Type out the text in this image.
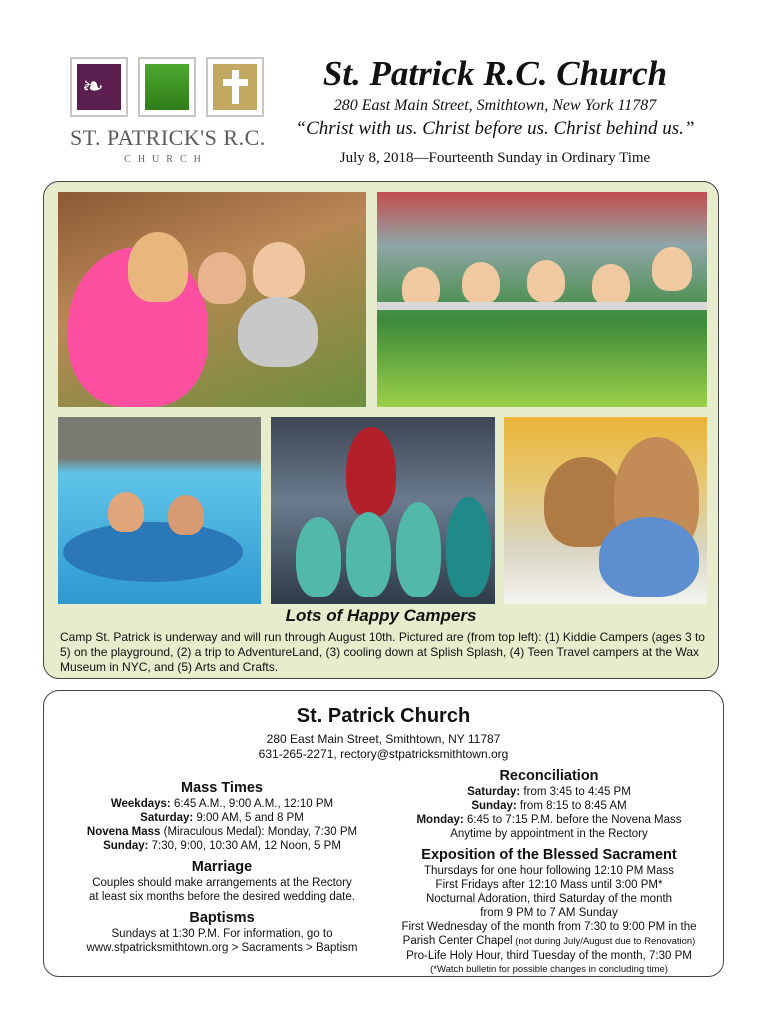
❧
ST. PATRICK'S R.C.
CHURCH
St. Patrick R.C. Church
280 East Main Street, Smithtown, New York 11787
“Christ with us. Christ before us. Christ behind us.”
July 8, 2018—Fourteenth Sunday in Ordinary Time
Lots of Happy Campers
Camp St. Patrick is underway and will run through August 10th. Pictured are (from top left): (1) Kiddie Campers (ages 3 to 5) on the playground, (2) a trip to AdventureLand, (3) cooling down at Splish Splash, (4) Teen Travel campers at the Wax Museum in NYC, and (5) Arts and Crafts.
St. Patrick Church
280 East Main Street, Smithtown, NY 11787
631-265-2271, rectory@stpatricksmithtown.org

Mass Times

Weekdays: 6:45 A.M., 9:00 A.M., 12:10 PM
Saturday: 9:00 AM, 5 and 8 PM
Novena Mass (Miraculous Medal): Monday, 7:30 PM
Sunday: 7:30, 9:00, 10:30 AM, 12 Noon, 5 PM

Marriage

Couples should make arrangements at the Rectory
at least six months before the desired wedding date.

Baptisms

Sundays at 1:30 P.M. For information, go to
www.stpatricksmithtown.org > Sacraments > Baptism

Reconciliation

Saturday: from 3:45 to 4:45 PM
Sunday: from 8:15 to 8:45 AM
Monday: 6:45 to 7:15 P.M. before the Novena Mass
Anytime by appointment in the Rectory

Exposition of the Blessed Sacrament

Thursdays for one hour following 12:10 PM Mass
First Fridays after 12:10 Mass until 3:00 PM*
Nocturnal Adoration, third Saturday of the month
from 9 PM to 7 AM Sunday
First Wednesday of the month from 7:30 to 9:00 PM in the
Parish Center Chapel (not during July/August due to Renovation)
Pro-Life Holy Hour, third Tuesday of the month, 7:30 PM
(*Watch bulletin for possible changes in concluding time)
